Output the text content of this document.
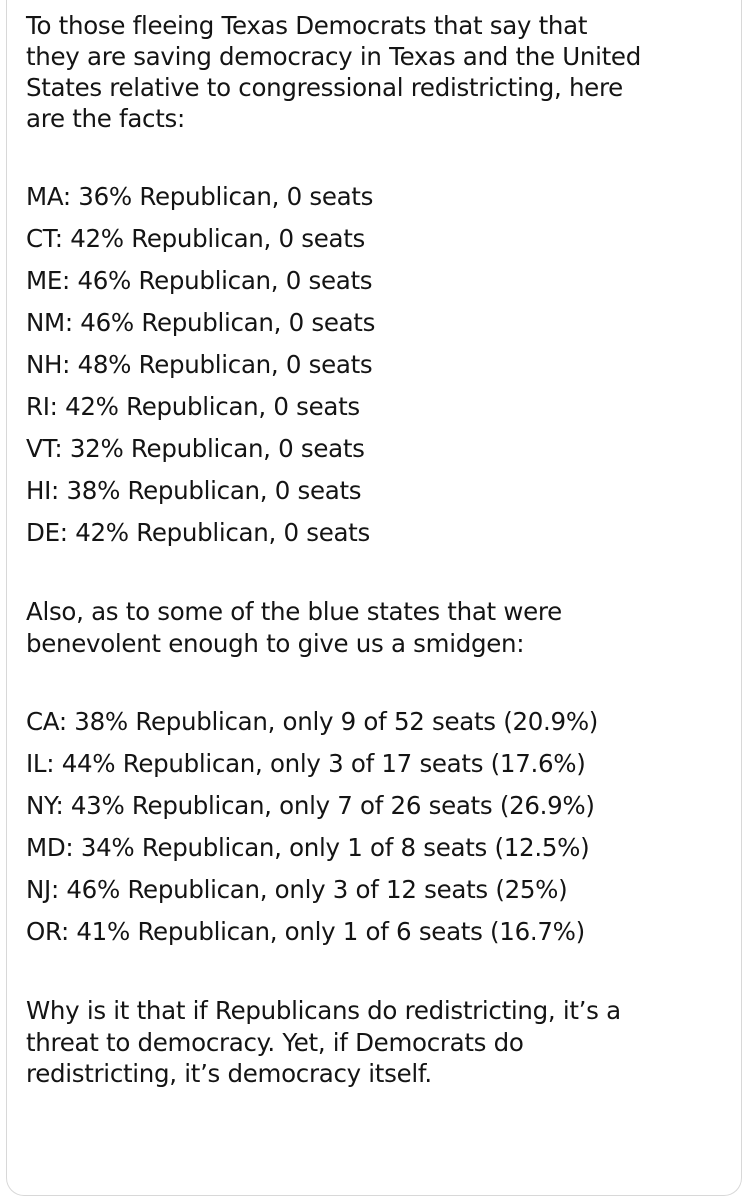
To those fleeing Texas Democrats that say that

they are saving democracy in Texas and the United

States relative to congressional redistricting, here

are the facts:

MA: 36% Republican, 0 seats

CT: 42% Republican, 0 seats

ME: 46% Republican, 0 seats

NM: 46% Republican, 0 seats

NH: 48% Republican, 0 seats

RI: 42% Republican, 0 seats

VT: 32% Republican, 0 seats

HI: 38% Republican, 0 seats

DE: 42% Republican, 0 seats

Also, as to some of the blue states that were

benevolent enough to give us a smidgen:

CA: 38% Republican, only 9 of 52 seats (20.9%)

IL: 44% Republican, only 3 of 17 seats (17.6%)

NY: 43% Republican, only 7 of 26 seats (26.9%)

MD: 34% Republican, only 1 of 8 seats (12.5%)

NJ: 46% Republican, only 3 of 12 seats (25%)

OR: 41% Republican, only 1 of 6 seats (16.7%)

Why is it that if Republicans do redistricting, it’s a

threat to democracy. Yet, if Democrats do

redistricting, it’s democracy itself.
